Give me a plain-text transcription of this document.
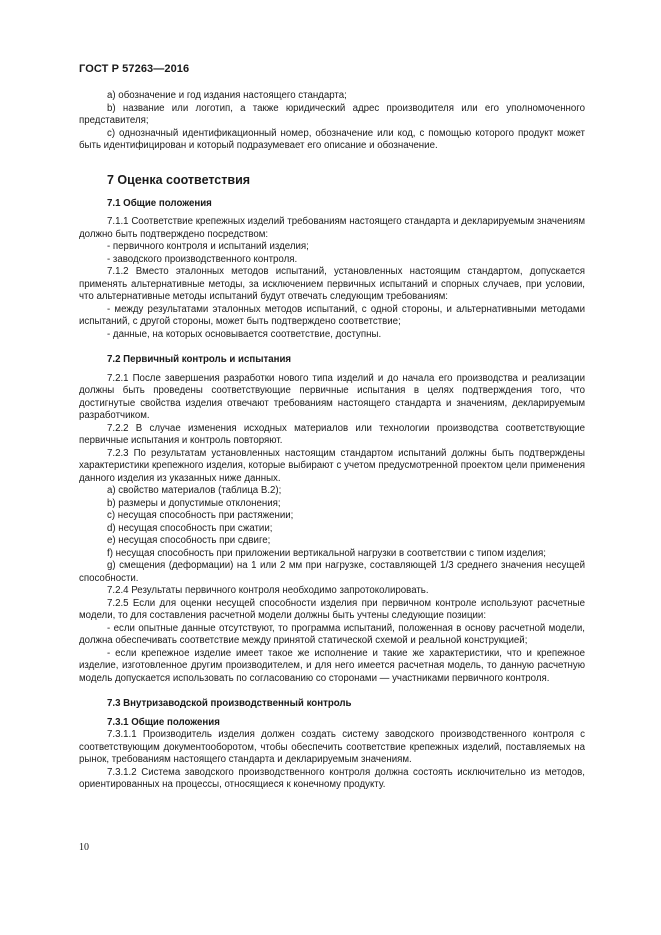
ГОСТ Р 57263—2016

а) обозначение и год издания настоящего стандарта;

b) название или логотип, а также юридический адрес производителя или его уполномоченного представителя;

с) однозначный идентификационный номер, обозначение или код, с помощью которого продукт может быть идентифицирован и который подразумевает его описание и обозначение.

7 Оценка соответствия
7.1 Общие положения

7.1.1 Соответствие крепежных изделий требованиям настоящего стандарта и декларируемым значениям должно быть подтверждено посредством:

- первичного контроля и испытаний изделия;

- заводского производственного контроля.

7.1.2 Вместо эталонных методов испытаний, установленных настоящим стандартом, допускается применять альтернативные методы, за исключением первичных испытаний и спорных случаев, при условии, что альтернативные методы испытаний будут отвечать следующим требованиям:

- между результатами эталонных методов испытаний, с одной стороны, и альтернативными методами испытаний, с другой стороны, может быть подтверждено соответствие;

- данные, на которых основывается соответствие, доступны.

7.2 Первичный контроль и испытания

7.2.1 После завершения разработки нового типа изделий и до начала его производства и реализации должны быть проведены соответствующие первичные испытания в целях подтверждения того, что достигнутые свойства изделия отвечают требованиям настоящего стандарта и значениям, декларируемым разработчиком.

7.2.2 В случае изменения исходных материалов или технологии производства соответствующие первичные испытания и контроль повторяют.

7.2.3 По результатам установленных настоящим стандартом испытаний должны быть подтверждены характеристики крепежного изделия, которые выбирают с учетом предусмотренной проектом цели применения данного изделия из указанных ниже данных.

а) свойство материалов (таблица В.2);

b) размеры и допустимые отклонения;

с) несущая способность при растяжении;

d) несущая способность при сжатии;

е) несущая способность при сдвиге;

f) несущая способность при приложении вертикальной нагрузки в соответствии с типом изделия;

g) смещения (деформации) на 1 или 2 мм при нагрузке, составляющей 1/3 среднего значения несущей способности.

7.2.4 Результаты первичного контроля необходимо запротоколировать.

7.2.5 Если для оценки несущей способности изделия при первичном контроле используют расчетные модели, то для составления расчетной модели должны быть учтены следующие позиции:

- если опытные данные отсутствуют, то программа испытаний, положенная в основу расчетной модели, должна обеспечивать соответствие между принятой статической схемой и реальной конструкцией;

- если крепежное изделие имеет такое же исполнение и такие же характеристики, что и крепежное изделие, изготовленное другим производителем, и для него имеется расчетная модель, то данную расчетную модель допускается использовать по согласованию со сторонами — участниками первичного контроля.

7.3 Внутризаводской производственный контроль
7.3.1 Общие положения

7.3.1.1 Производитель изделия должен создать систему заводского производственного контроля с соответствующим документооборотом, чтобы обеспечить соответствие крепежных изделий, поставляемых на рынок, требованиям настоящего стандарта и декларируемым значениям.

7.3.1.2 Система заводского производственного контроля должна состоять исключительно из методов, ориентированных на процессы, относящиеся к конечному продукту.

10
